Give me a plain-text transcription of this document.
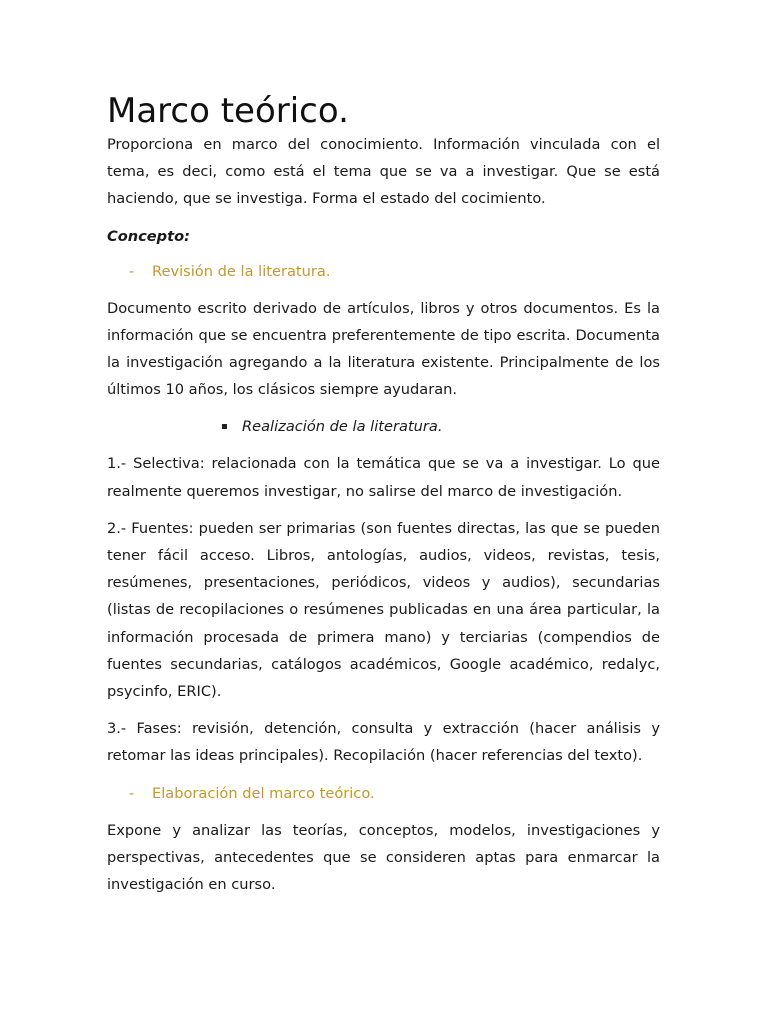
Marco teórico.

Proporciona en marco del conocimiento. Información vinculada con el tema, es deci, como está el tema que se va a investigar. Que se está haciendo, que se investiga. Forma el estado del cocimiento.

Concepto:
- Revisión de la literatura.

Documento escrito derivado de artículos, libros y otros documentos. Es la información que se encuentra preferentemente de tipo escrita. Documenta la investigación agregando a la literatura existente. Principalmente de los últimos 10 años, los clásicos siempre ayudaran.

Realización de la literatura.

1.- Selectiva: relacionada con la temática que se va a investigar. Lo que realmente queremos investigar, no salirse del marco de investigación.

2.- Fuentes: pueden ser primarias (son fuentes directas, las que se pueden tener fácil acceso. Libros, antologías, audios, videos, revistas, tesis, resúmenes, presentaciones, periódicos, videos y audios), secundarias (listas de recopilaciones o resúmenes publicadas en una área particular, la información procesada de primera mano) y terciarias (compendios de fuentes secundarias, catálogos académicos, Google académico, redalyc, psycinfo, ERIC).

3.- Fases: revisión, detención, consulta y extracción (hacer análisis y retomar las ideas principales). Recopilación (hacer referencias del texto).

- Elaboración del marco teórico.

Expone y analizar las teorías, conceptos, modelos, investigaciones y perspectivas, antecedentes que se consideren aptas para enmarcar la investigación en curso.
